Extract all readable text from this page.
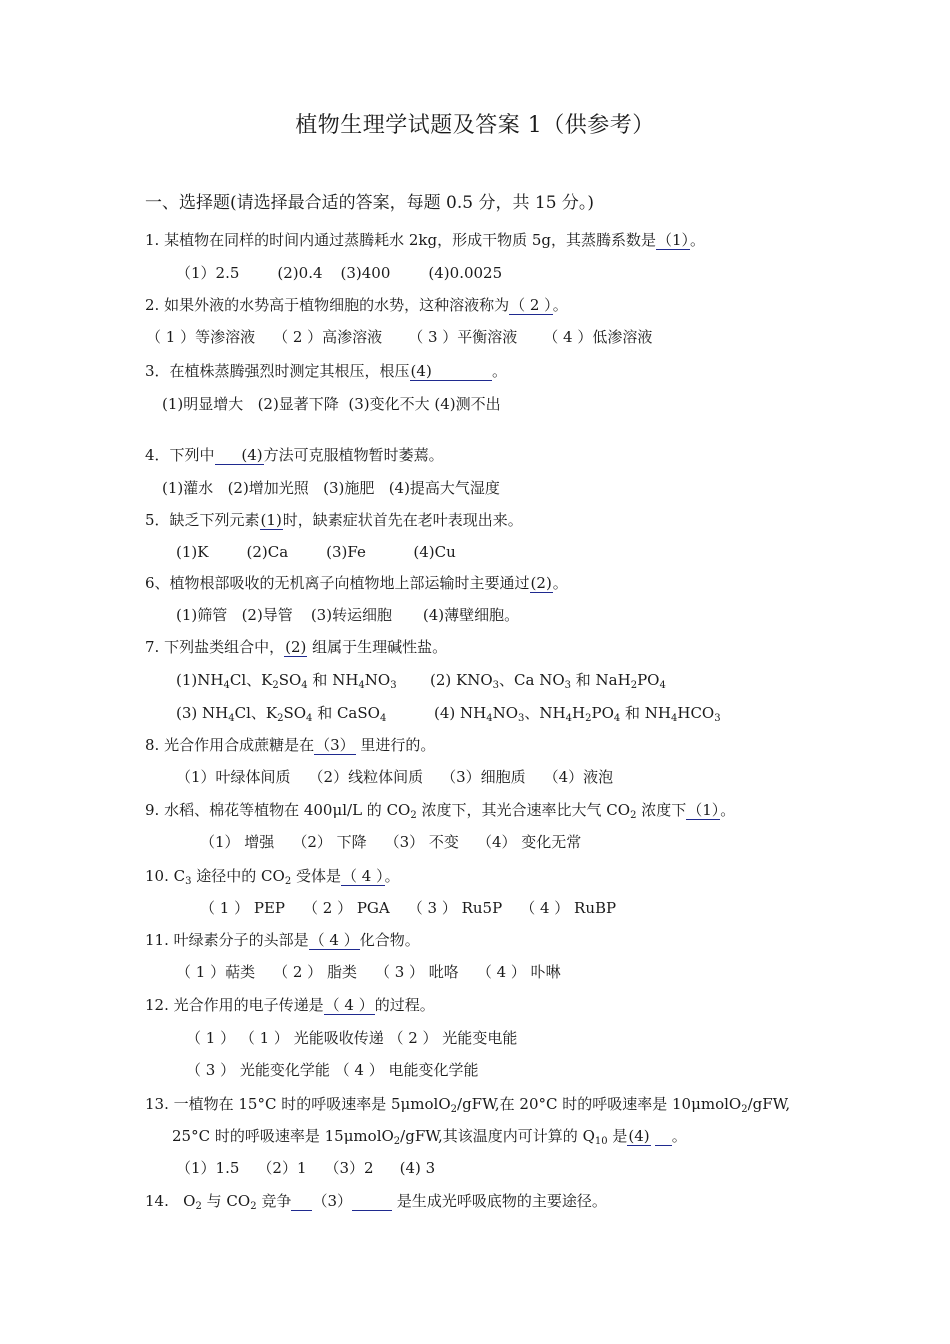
植物生理学试题及答案 1（供参考）
一、选择题(请选择最合适的答案，每题 0.5 分，共 15 分。)
1. 某植物在同样的时间内通过蒸腾耗水 2kg，形成干物质 5g，其蒸腾系数是（1）。
（1）2.5	(2)0.4 (3)400	(4)0.0025
2. 如果外液的水势高于植物细胞的水势，这种溶液称为（ 2 ）。
（ 1 ）等渗溶液 （ 2 ）高渗溶液 （ 3 ）平衡溶液 （ 4 ）低渗溶液
3．在植株蒸腾强烈时测定其根压，根压(4)	。
(1)明显增大 (2)显著下降 (3)变化不大 (4)测不出
4．下列中 (4)方法可克服植物暂时萎蔫。
(1)灌水 (2)增加光照 (3)施肥 (4)提高大气湿度
5．缺乏下列元素(1)时，缺素症状首先在老叶表现出来。
(1)K	(2)Ca	(3)Fe	(4)Cu
6、植物根部吸收的无机离子向植物地上部运输时主要通过(2)。
(1)筛管 (2)导管 (3)转运细胞 (4)薄壁细胞。
7. 下列盐类组合中，(2) 组属于生理碱性盐。
$(1)NH_4Cl$、$K_2SO_4$ 和 $NH_4NO_3$       (2) $KNO_3$、Ca $NO_3$ 和 $NaH_2PO_4$
(3) $NH_4Cl$、$K_2SO_4$ 和 CaSO$_4$          (4) $NH_4NO_3$、$NH_4H_2PO_4$ 和 $NH_4HCO_3$
8. 光合作用合成蔗糖是在（3） 里进行的。
（1）叶绿体间质 （2）线粒体间质 （3）细胞质 （4）液泡
9. 水稻、棉花等植物在 400μl/L 的 $CO_2$ 浓度下，其光合速率比大气 $CO_2$ 浓度下（1）。
（1） 增强 （2） 下降 （3） 不变 （4） 变化无常
10. $C_3$ 途径中的 $CO_2$ 受体是（ 4 ）。
（ 1 ） PEP （ 2 ） PGA （ 3 ） Ru5P （ 4 ） RuBP
11. 叶绿素分子的头部是（ 4 ）化合物。
（ 1 ）萜类 （ 2 ） 脂类 （ 3 ） 吡咯 （ 4 ） 卟啉
12. 光合作用的电子传递是（ 4 ）的过程。
（ 1 ） （ 1 ） 光能吸收传递 （ 2 ） 光能变电能
（ 3 ） 光能变化学能 （ 4 ） 电能变化学能
13. 一植物在 15°C 时的呼吸速率是 5μmolO$_2$/gFW,在 20°C 时的呼吸速率是 10μmolO$_2$/gFW,
25°C 时的呼吸速率是 15μmolO$_2$/gFW,其该温度内可计算的 $Q_{10}$ 是(4) 。
（1）1.5 （2）1 （3）2 (4) 3
14. $O_2$ 与 $CO_2$ 竞争 （3）	是生成光呼吸底物的主要途径。
